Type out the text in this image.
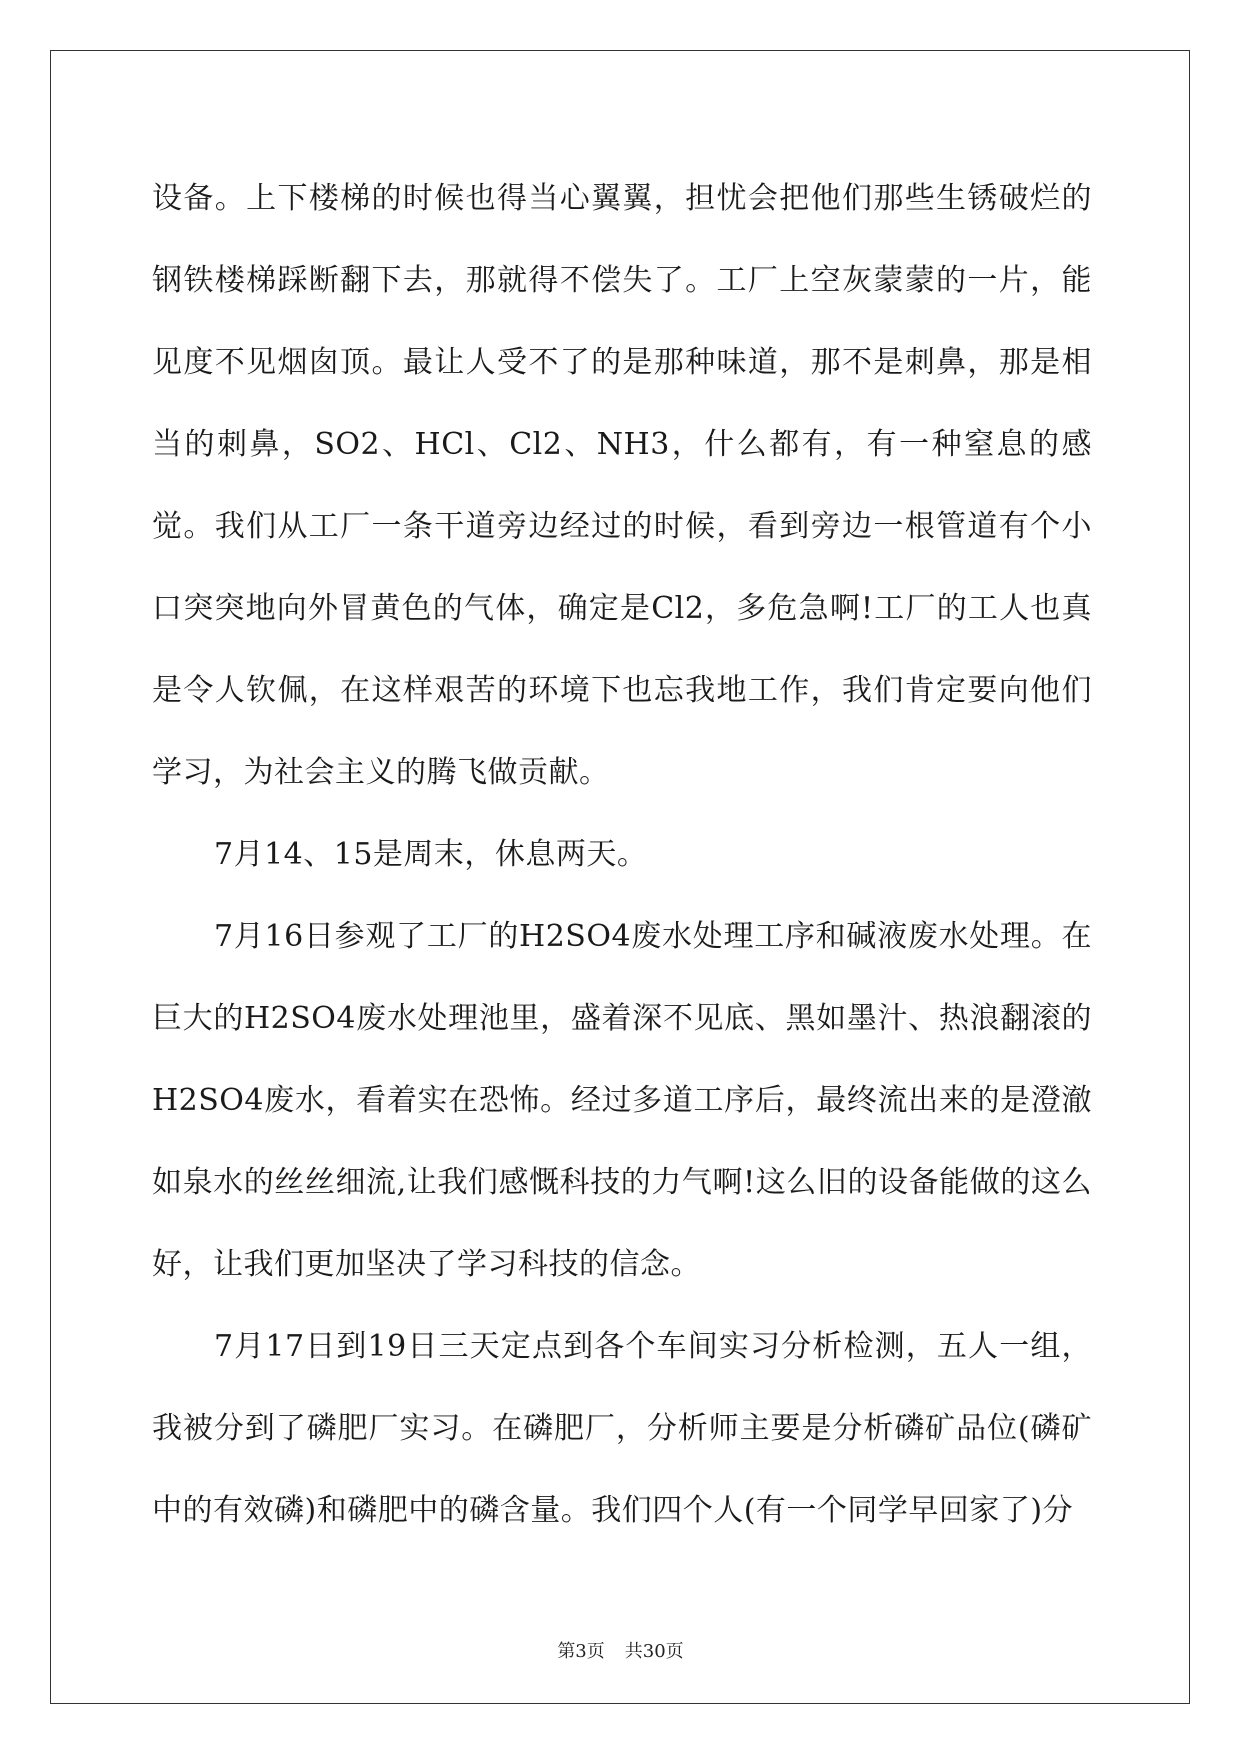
设备。上下楼梯的时候也得当心翼翼，担忧会把他们那些生锈破烂的钢铁楼梯踩断翻下去，那就得不偿失了。工厂上空灰蒙蒙的一片，能见度不见烟囱顶。最让人受不了的是那种味道，那不是刺鼻，那是相当的刺鼻，SO2、HCl、Cl2、NH3，什么都有，有一种窒息的感觉。我们从工厂一条干道旁边经过的时候，看到旁边一根管道有个小口突突地向外冒黄色的气体，确定是Cl2，多危急啊!工厂的工人也真是令人钦佩，在这样艰苦的环境下也忘我地工作，我们肯定要向他们学习，为社会主义的腾飞做贡献。

7月14、15是周末，休息两天。

7月16日参观了工厂的H2SO4废水处理工序和碱液废水处理。在巨大的H2SO4废水处理池里，盛着深不见底、黑如墨汁、热浪翻滚的H2SO4废水，看着实在恐怖。经过多道工序后，最终流出来的是澄澈如泉水的丝丝细流,让我们感慨科技的力气啊!这么旧的设备能做的这么好，让我们更加坚决了学习科技的信念。

7月17日到19日三天定点到各个车间实习分析检测，五人一组，我被分到了磷肥厂实习。在磷肥厂，分析师主要是分析磷矿品位(磷矿中的有效磷)和磷肥中的磷含量。我们四个人(有一个同学早回家了)分

第3页 共30页
